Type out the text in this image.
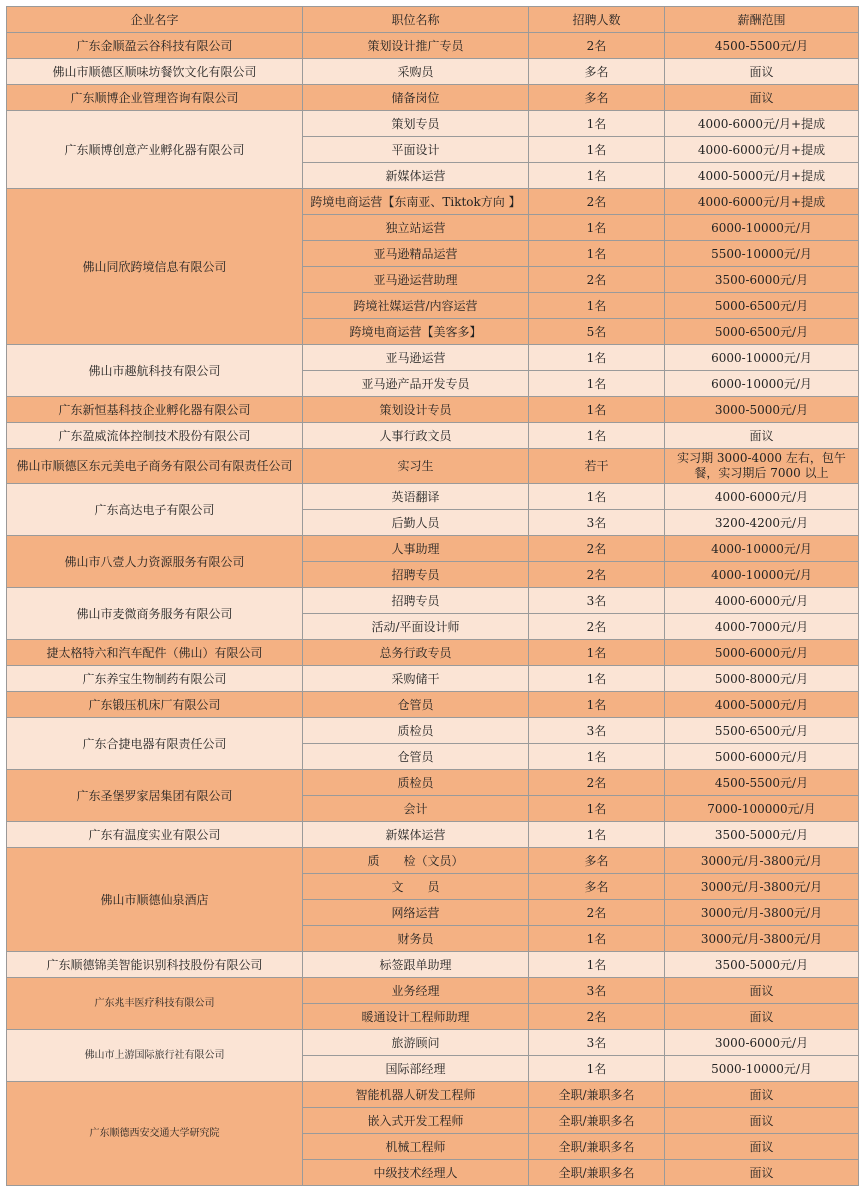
企业名字	职位名称	招聘人数	薪酬范围
广东金顺盈云谷科技有限公司	策划设计推广专员	2名	4500-5500元/月
佛山市顺德区顺味坊餐饮文化有限公司	采购员	多名	面议
广东顺博企业管理咨询有限公司	储备岗位	多名	面议
广东顺博创意产业孵化器有限公司	策划专员	1名	4000-6000元/月+提成
	平面设计	1名	4000-6000元/月+提成
	新媒体运营	1名	4000-5000元/月+提成
佛山同欣跨境信息有限公司	跨境电商运营【东南亚、Tiktok方向 】	2名	4000-6000元/月+提成
	独立站运营	1名	6000-10000元/月
	亚马逊精品运营	1名	5500-10000元/月
	亚马逊运营助理	2名	3500-6000元/月
	跨境社媒运营/内容运营	1名	5000-6500元/月
	跨境电商运营【美客多】	5名	5000-6500元/月
佛山市趣航科技有限公司	亚马逊运营	1名	6000-10000元/月
	亚马逊产品开发专员	1名	6000-10000元/月
广东新恒基科技企业孵化器有限公司	策划设计专员	1名	3000-5000元/月
广东盈威流体控制技术股份有限公司	人事行政文员	1名	面议
佛山市顺德区东元美电子商务有限公司有限责任公司	实习生	若干	实习期 3000-4000 左右，包午餐，实习期后 7000 以上
广东高达电子有限公司	英语翻译	1名	4000-6000元/月
	后勤人员	3名	3200-4200元/月
佛山市八壹人力资源服务有限公司	人事助理	2名	4000-10000元/月
	招聘专员	2名	4000-10000元/月
佛山市麦微商务服务有限公司	招聘专员	3名	4000-6000元/月
	活动/平面设计师	2名	4000-7000元/月
捷太格特六和汽车配件（佛山）有限公司	总务行政专员	1名	5000-6000元/月
广东养宝生物制药有限公司	采购储干	1名	5000-8000元/月
广东锻压机床厂有限公司	仓管员	1名	4000-5000元/月
广东合捷电器有限责任公司	质检员	3名	5500-6500元/月
	仓管员	1名	5000-6000元/月
广东圣堡罗家居集团有限公司	质检员	2名	4500-5500元/月
	会计	1名	7000-100000元/月
广东有温度实业有限公司	新媒体运营	1名	3500-5000元/月
佛山市顺德仙泉酒店	质　　检（文员）	多名	3000元/月-3800元/月
	文　　员	多名	3000元/月-3800元/月
	网络运营	2名	3000元/月-3800元/月
	财务员	1名	3000元/月-3800元/月
广东顺德锦美智能识别科技股份有限公司	标签跟单助理	1名	3500-5000元/月
广东兆丰医疗科技有限公司	业务经理	3名	面议
	暖通设计工程师助理	2名	面议
佛山市上游国际旅行社有限公司	旅游顾问	3名	3000-6000元/月
	国际部经理	1名	5000-10000元/月
广东顺德西安交通大学研究院	智能机器人研发工程师	全职/兼职多名	面议
	嵌入式开发工程师	全职/兼职多名	面议
	机械工程师	全职/兼职多名	面议
	中级技术经理人	全职/兼职多名	面议
